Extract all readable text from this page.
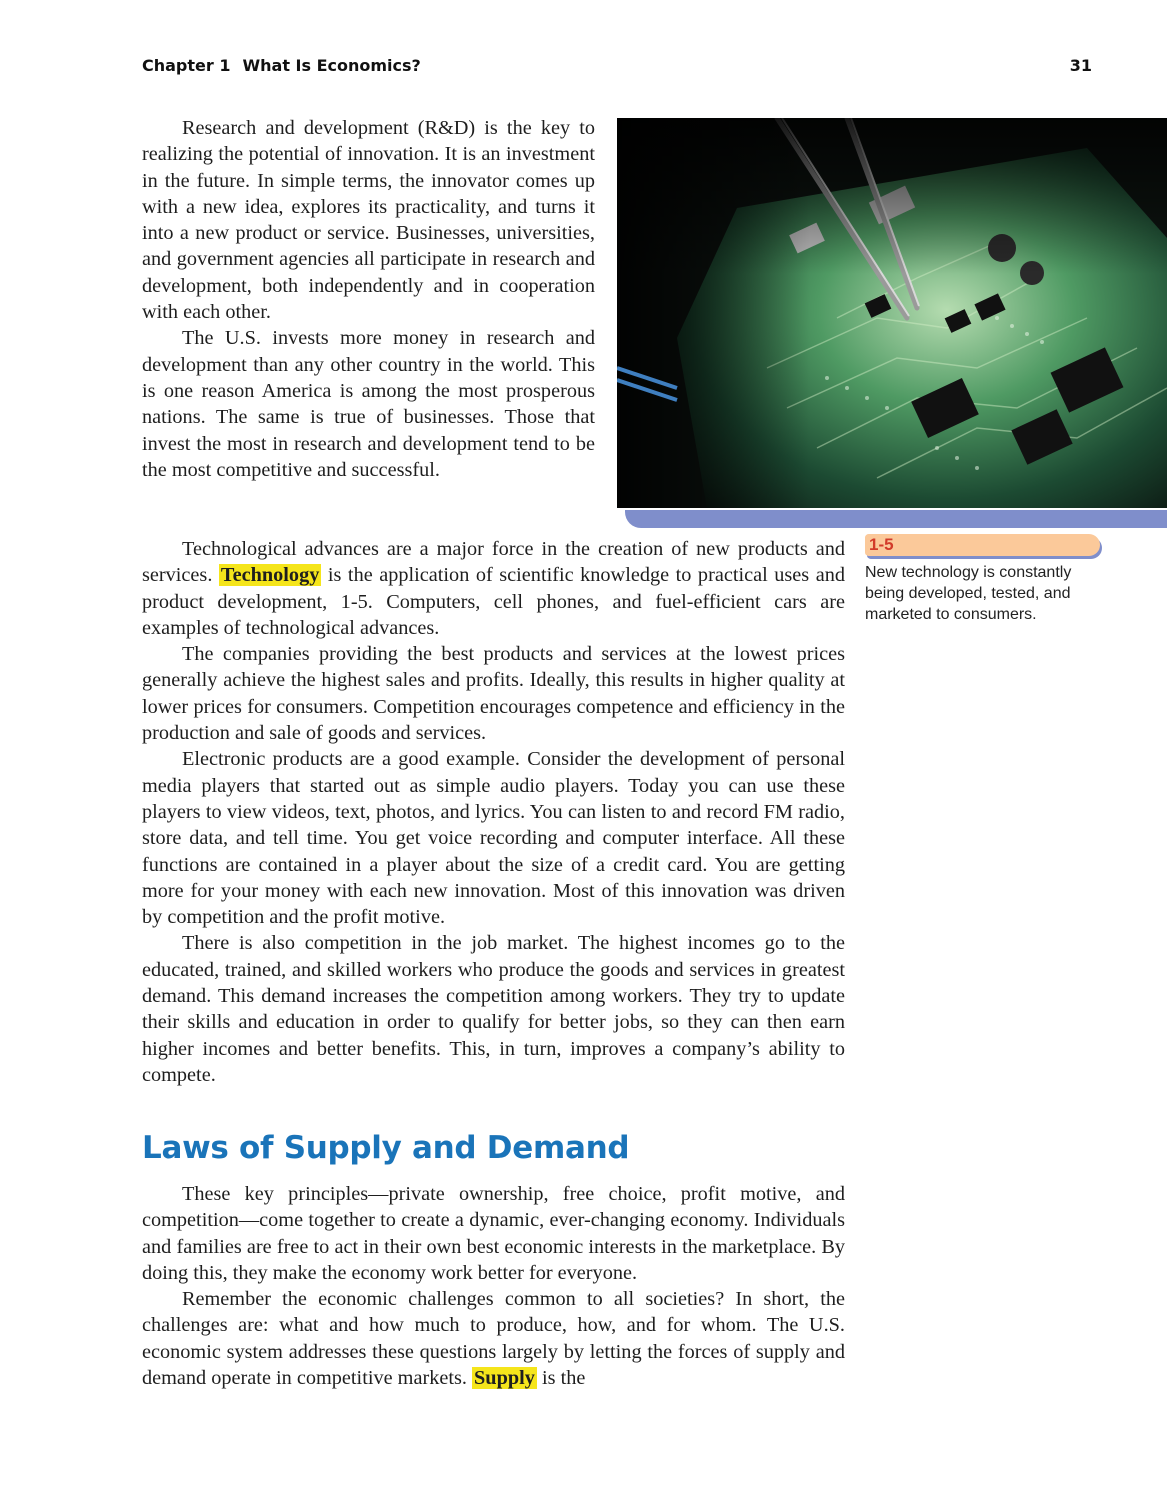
Chapter 1 What Is Economics?	31
1-5
New technology is constantly being developed, tested, and marketed to consumers.

Research and development (R&D) is the key to realizing the potential of innovation. It is an investment in the future. In simple terms, the innovator comes up with a new idea, explores its practicality, and turns it into a new product or service. Businesses, universities, and government agencies all participate in research and development, both independently and in cooperation with each other.

The U.S. invests more money in research and development than any other country in the world. This is one reason America is among the most prosperous nations. The same is true of businesses. Those that invest the most in research and development tend to be the most competitive and successful.

Technological advances are a major force in the creation of new products and services. Technology is the application of scientific knowledge to practical uses and product development, 1-5. Computers, cell phones, and fuel-efficient cars are examples of technological advances.

The companies providing the best products and services at the lowest prices generally achieve the highest sales and profits. Ideally, this results in higher quality at lower prices for consumers. Competition encourages competence and efficiency in the production and sale of goods and services.

Electronic products are a good example. Consider the development of personal media players that started out as simple audio players. Today you can use these players to view videos, text, photos, and lyrics. You can listen to and record FM radio, store data, and tell time. You get voice recording and computer interface. All these functions are contained in a player about the size of a credit card. You are getting more for your money with each new innovation. Most of this innovation was driven by competition and the profit motive.

There is also competition in the job market. The highest incomes go to the educated, trained, and skilled workers who produce the goods and services in greatest demand. This demand increases the competition among workers. They try to update their skills and education in order to qualify for better jobs, so they can then earn higher incomes and better benefits. This, in turn, improves a company’s ability to compete.

Laws of Supply and Demand

These key principles—private ownership, free choice, profit motive, and competition—come together to create a dynamic, ever-changing economy. Individuals and families are free to act in their own best economic interests in the marketplace. By doing this, they make the economy work better for everyone.

Remember the economic challenges common to all societies? In short, the challenges are: what and how much to produce, how, and for whom. The U.S. economic system addresses these questions largely by letting the forces of supply and demand operate in competitive markets. Supply is the
